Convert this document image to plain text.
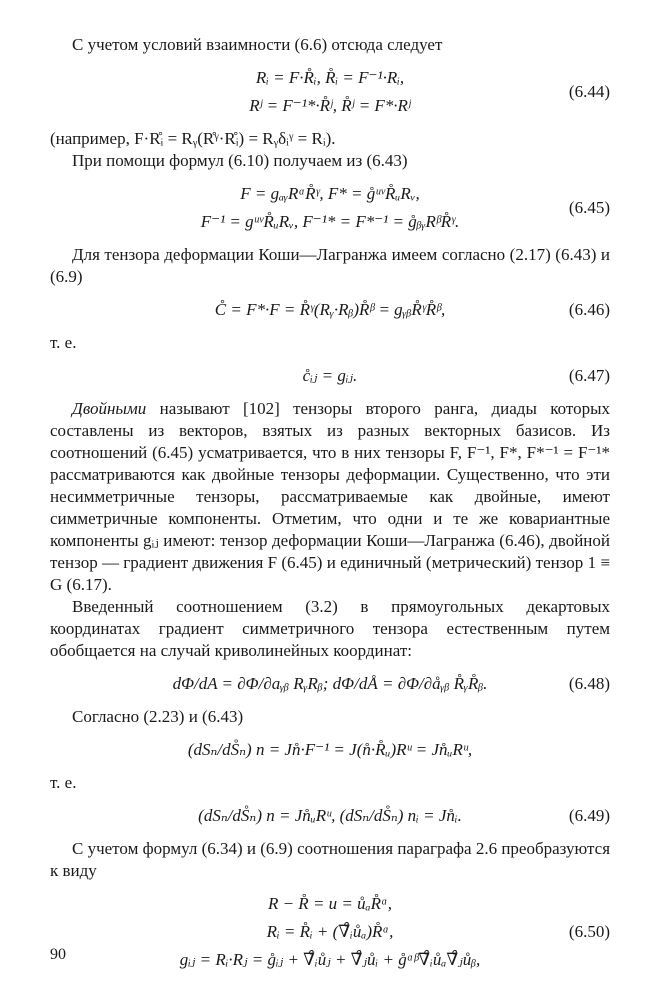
С учетом условий взаимности (6.6) отсюда следует

Rᵢ = F·R̊ᵢ, R̊ᵢ = F⁻¹·Rᵢ,
Rʲ = F⁻¹*·R̊ʲ, R̊ʲ = F*·Rʲ
(6.44)

(например, F·R̊ᵢ = Rᵧ(R̊ᵞ·R̊ᵢ) = Rᵧδᵢᵞ = Rᵢ).

При помощи формул (6.10) получаем из (6.43)

F = gₐᵧRᵅR̊ᵞ, F* = g̊ᵘᵛR̊ᵤRᵥ,
F⁻¹ = gᵘᵛR̊ᵤRᵥ, F⁻¹* = F*⁻¹ = g̊ᵦᵧRᵝR̊ᵞ.
(6.45)

Для тензора деформации Коши—Лагранжа имеем согласно (2.17) (6.43) и (6.9)

C̊ = F*·F = R̊ᵞ(Rᵧ·Rᵦ)R̊ᵝ = gᵧᵦR̊ᵞR̊ᵝ,	(6.46)

т. е.

c̊ᵢⱼ = gᵢⱼ.	(6.47)

Двойными называют [102] тензоры второго ранга, диады которых составлены из векторов, взятых из разных векторных базисов. Из соотношений (6.45) усматривается, что в них тензоры F, F⁻¹, F*, F*⁻¹ = F⁻¹* рассматриваются как двойные тензоры деформации. Существенно, что эти несимметричные тензоры, рассматриваемые как двойные, имеют симметричные компоненты. Отметим, что одни и те же ковариантные компоненты gᵢⱼ имеют: тензор деформации Коши—Лагранжа (6.46), двойной тензор — градиент движения F (6.45) и единичный (метрический) тензор 1 ≡ G (6.17).

Введенный соотношением (3.2) в прямоугольных декартовых координатах градиент симметричного тензора естественным путем обобщается на случай криволинейных координат:

dΦ/dA = ∂Φ/∂aᵧᵦ RᵧRᵦ; dΦ/dÅ = ∂Φ/∂åᵧᵦ R̊ᵧR̊ᵦ.	(6.48)

Согласно (2.23) и (6.43)

(dSₙ/dS̊ₙ) n = Jn̊·F⁻¹ = J(n̊·R̊ᵤ)Rᵘ = Jn̊ᵤRᵘ,

т. е.

(dSₙ/dS̊ₙ) n = Jn̊ᵤRᵘ, (dSₙ/dS̊ₙ) nᵢ = Jn̊ᵢ.	(6.49)

С учетом формул (6.34) и (6.9) соотношения параграфа 2.6 преобразуются к виду

R − R̊ = u = ůₐR̊ᵅ,
Rᵢ = R̊ᵢ + (∇̊ᵢůₐ)R̊ᵅ,
gᵢⱼ = Rᵢ·Rⱼ = g̊ᵢⱼ + ∇̊ᵢůⱼ + ∇̊ⱼůᵢ + g̊ᵅᵝ∇̊ᵢůₐ∇̊ⱼůᵦ,
(6.50)
90
